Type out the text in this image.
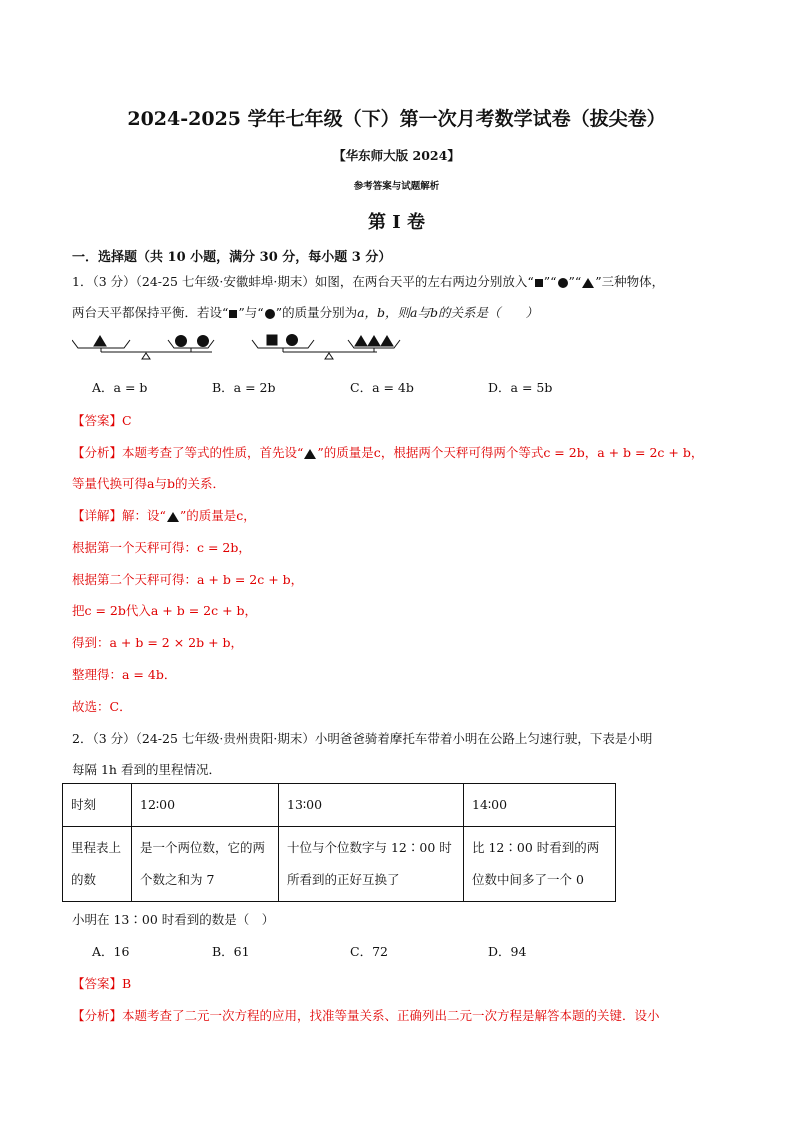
2024-2025 学年七年级（下）第一次月考数学试卷（拔尖卷）
【华东师大版 2024】
参考答案与试题解析
第 I 卷
一．选择题（共 10 小题，满分 30 分，每小题 3 分）
1．（3 分）（24-25 七年级·安徽蚌埠·期末）如图，在两台天平的左右两边分别放入“ ”“ ”“ ”三种物体，
两台天平都保持平衡．若设“ ”与“ ”的质量分别为a，b，则a与b的关系是（　　）
A．a = b	B．a = 2b	C．a = 4b	D．a = 5b
【答案】C
【分析】本题考查了等式的性质，首先设“ ”的质量是c，根据两个天秤可得两个等式c = 2b，a + b = 2c + b，
等量代换可得a与b的关系．
【详解】解：设“ ”的质量是c，
根据第一个天秤可得：c = 2b，
根据第二个天秤可得：a + b = 2c + b，
把c = 2b代入a + b = 2c + b，
得到：a + b = 2 × 2b + b，
整理得：a = 4b．
故选：C．
2．（3 分）（24-25 七年级·贵州贵阳·期末）小明爸爸骑着摩托车带着小明在公路上匀速行驶，下表是小明
每隔 1h 看到的里程情况．
时刻	12∶00	13∶00	14∶00
里程表上的数	是一个两位数，它的两个数之和为 7	十位与个位数字与 12∶00 时所看到的正好互换了	比 12∶00 时看到的两位数中间多了一个 0
小明在 13∶00 时看到的数是（　）
A．16	B．61	C．72	D．94
【答案】B
【分析】本题考查了二元一次方程的应用，找准等量关系、正确列出二元一次方程是解答本题的关键．设小
